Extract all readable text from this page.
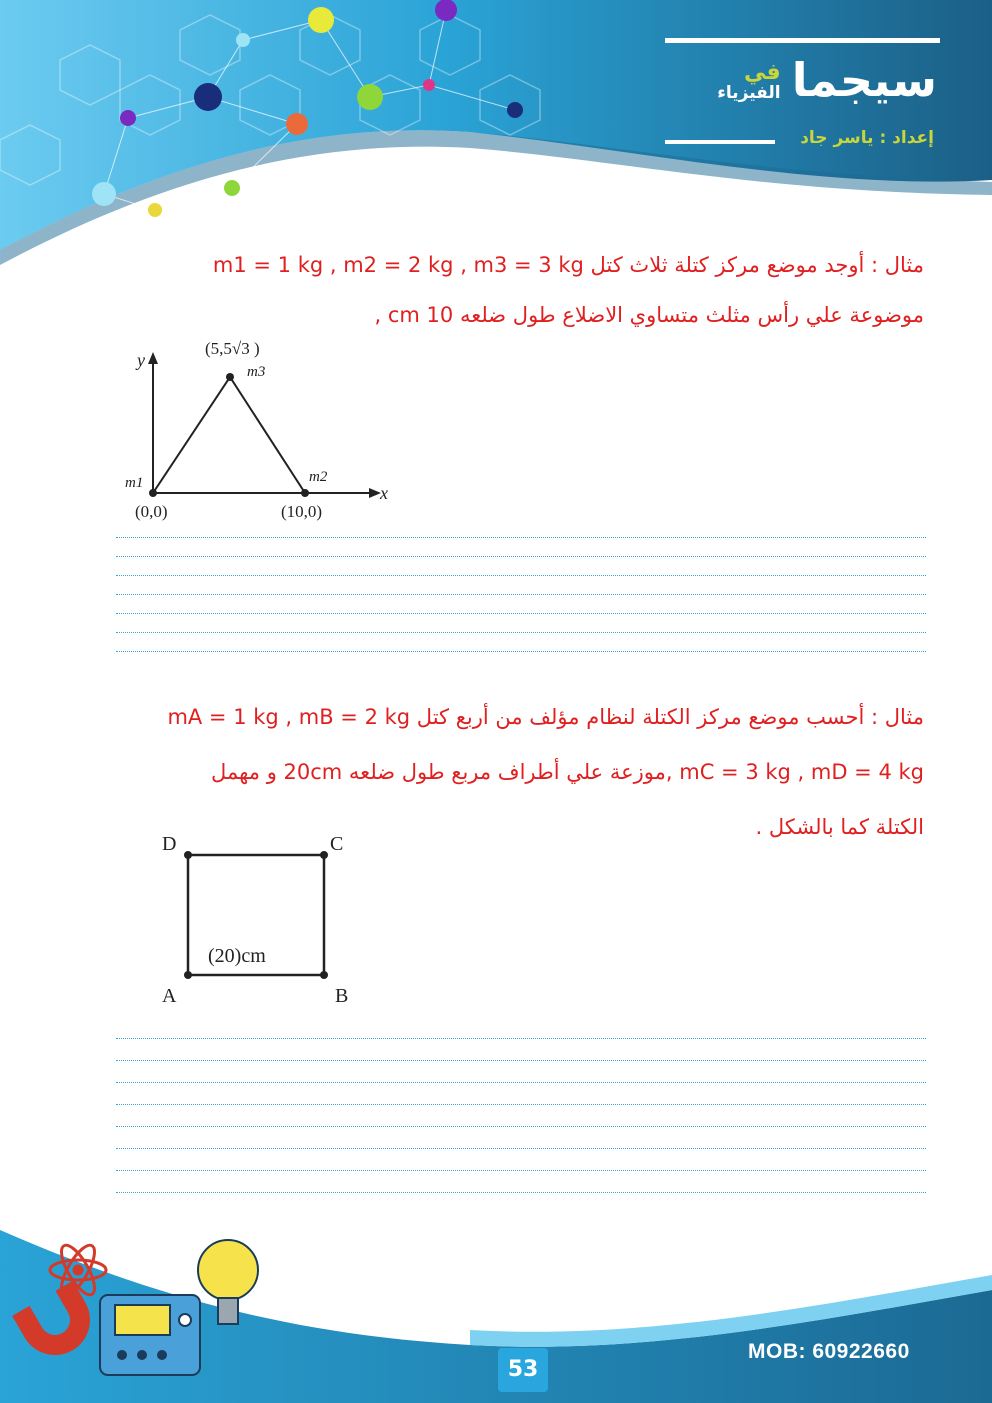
سيجما
في
الفيزياء
إعداد : ياسر جاد
مثال : أوجد موضع مركز كتلة ثلاث كتل m1 = 1 kg , m2 = 2 kg , m3 = 3 kg
موضوعة علي رأس مثلث متساوي الاضلاع طول ضلعه 10 cm ,
y
x
m1	m2
m3
(0,0)	(10,0)
(5,5√3 )
مثال : أحسب موضع مركز الكتلة لنظام مؤلف من أربع كتل mA = 1 kg , mB = 2 kg
mC = 3 kg , mD = 4 kg ,موزعة علي أطراف مربع طول ضلعه 20cm و مهمل
الكتلة كما بالشكل .
D	C
A	B
(20)cm
53
MOB: 60922660
